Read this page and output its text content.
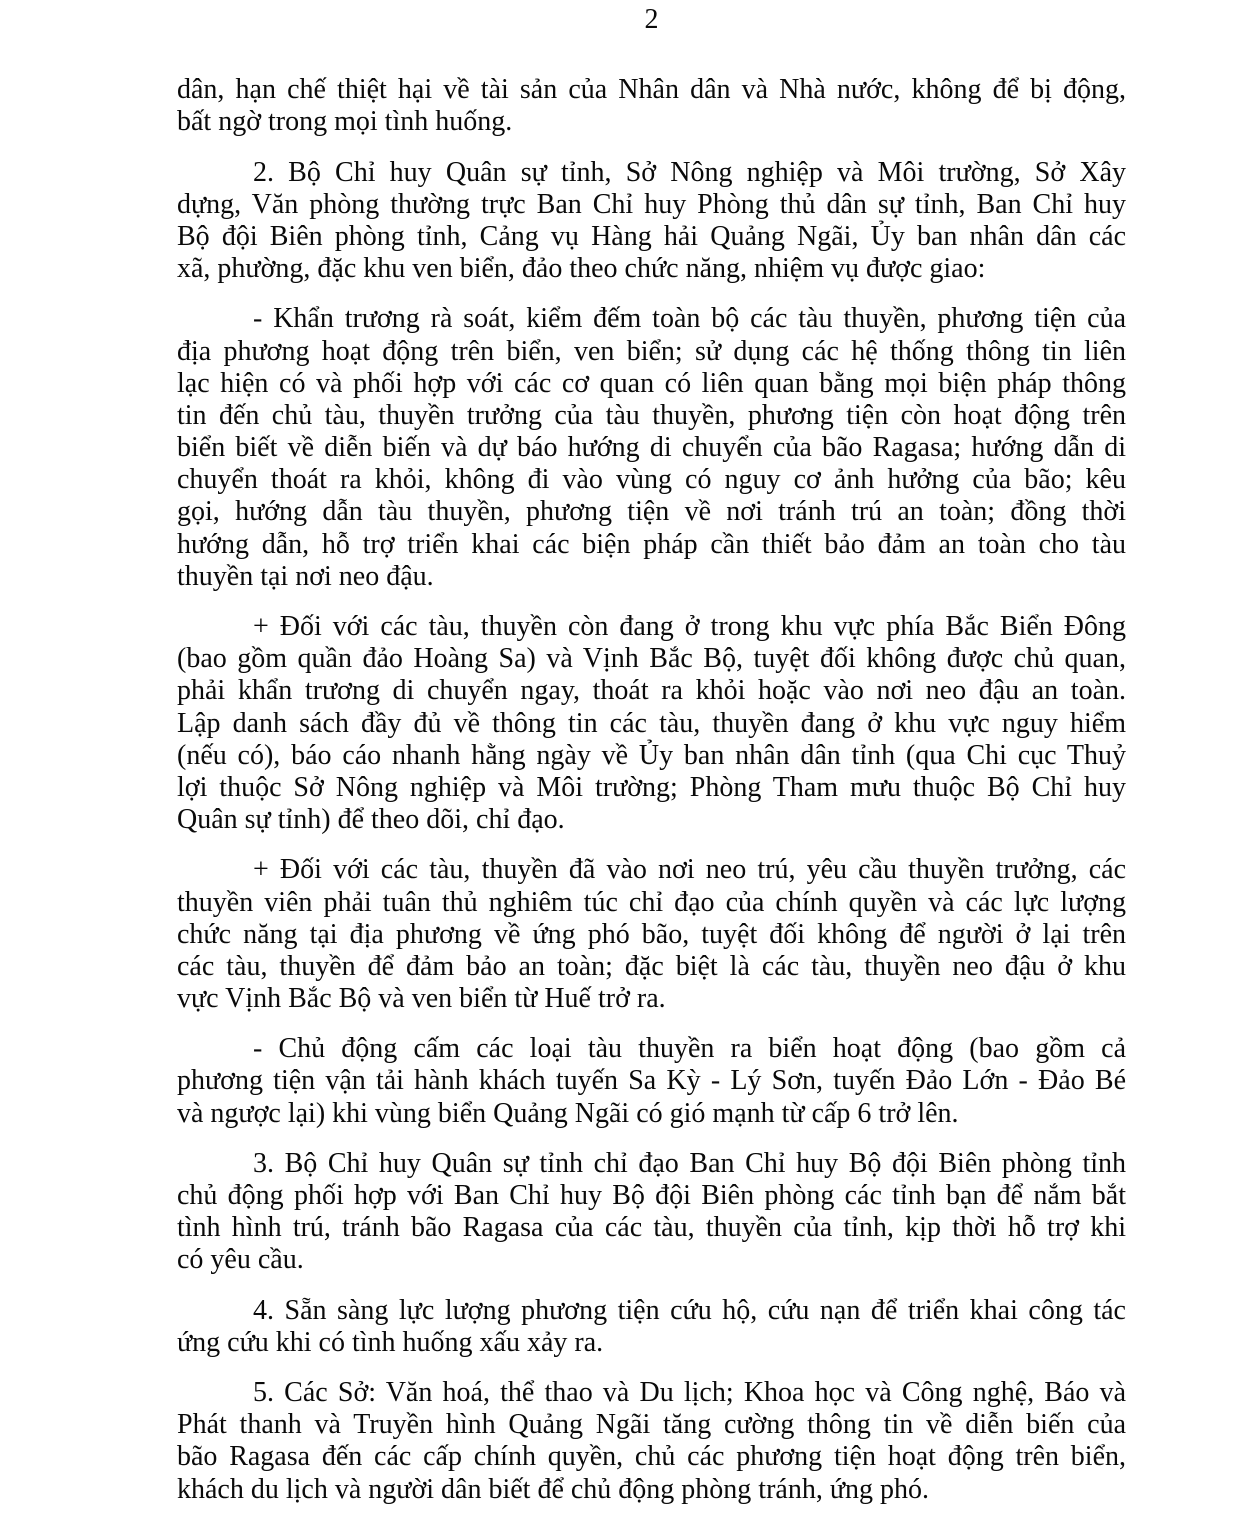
2

dân, hạn chế thiệt hại về tài sản của Nhân dân và Nhà nước, không để bị động,
bất ngờ trong mọi tình huống.

2. Bộ Chỉ huy Quân sự tỉnh, Sở Nông nghiệp và Môi trường, Sở Xây
dựng, Văn phòng thường trực Ban Chỉ huy Phòng thủ dân sự tỉnh, Ban Chỉ huy
Bộ đội Biên phòng tỉnh, Cảng vụ Hàng hải Quảng Ngãi, Ủy ban nhân dân các
xã, phường, đặc khu ven biển, đảo theo chức năng, nhiệm vụ được giao:

- Khẩn trương rà soát, kiểm đếm toàn bộ các tàu thuyền, phương tiện của
địa phương hoạt động trên biển, ven biển; sử dụng các hệ thống thông tin liên
lạc hiện có và phối hợp với các cơ quan có liên quan bằng mọi biện pháp thông
tin đến chủ tàu, thuyền trưởng của tàu thuyền, phương tiện còn hoạt động trên
biển biết về diễn biến và dự báo hướng di chuyển của bão Ragasa; hướng dẫn di
chuyển thoát ra khỏi, không đi vào vùng có nguy cơ ảnh hưởng của bão; kêu
gọi, hướng dẫn tàu thuyền, phương tiện về nơi tránh trú an toàn; đồng thời
hướng dẫn, hỗ trợ triển khai các biện pháp cần thiết bảo đảm an toàn cho tàu
thuyền tại nơi neo đậu.

+ Đối với các tàu, thuyền còn đang ở trong khu vực phía Bắc Biển Đông
(bao gồm quần đảo Hoàng Sa) và Vịnh Bắc Bộ, tuyệt đối không được chủ quan,
phải khẩn trương di chuyển ngay, thoát ra khỏi hoặc vào nơi neo đậu an toàn.
Lập danh sách đầy đủ về thông tin các tàu, thuyền đang ở khu vực nguy hiểm
(nếu có), báo cáo nhanh hằng ngày về Ủy ban nhân dân tỉnh (qua Chi cục Thuỷ
lợi thuộc Sở Nông nghiệp và Môi trường; Phòng Tham mưu thuộc Bộ Chỉ huy
Quân sự tỉnh) để theo dõi, chỉ đạo.

+ Đối với các tàu, thuyền đã vào nơi neo trú, yêu cầu thuyền trưởng, các
thuyền viên phải tuân thủ nghiêm túc chỉ đạo của chính quyền và các lực lượng
chức năng tại địa phương về ứng phó bão, tuyệt đối không để người ở lại trên
các tàu, thuyền để đảm bảo an toàn; đặc biệt là các tàu, thuyền neo đậu ở khu
vực Vịnh Bắc Bộ và ven biển từ Huế trở ra.

- Chủ động cấm các loại tàu thuyền ra biển hoạt động (bao gồm cả
phương tiện vận tải hành khách tuyến Sa Kỳ - Lý Sơn, tuyến Đảo Lớn - Đảo Bé
và ngược lại) khi vùng biển Quảng Ngãi có gió mạnh từ cấp 6 trở lên.

3. Bộ Chỉ huy Quân sự tỉnh chỉ đạo Ban Chỉ huy Bộ đội Biên phòng tỉnh
chủ động phối hợp với Ban Chỉ huy Bộ đội Biên phòng các tỉnh bạn để nắm bắt
tình hình trú, tránh bão Ragasa của các tàu, thuyền của tỉnh, kịp thời hỗ trợ khi
có yêu cầu.

4. Sẵn sàng lực lượng phương tiện cứu hộ, cứu nạn để triển khai công tác
ứng cứu khi có tình huống xấu xảy ra.

5. Các Sở: Văn hoá, thể thao và Du lịch; Khoa học và Công nghệ, Báo và
Phát thanh và Truyền hình Quảng Ngãi tăng cường thông tin về diễn biến của
bão Ragasa đến các cấp chính quyền, chủ các phương tiện hoạt động trên biển,
khách du lịch và người dân biết để chủ động phòng tránh, ứng phó.
